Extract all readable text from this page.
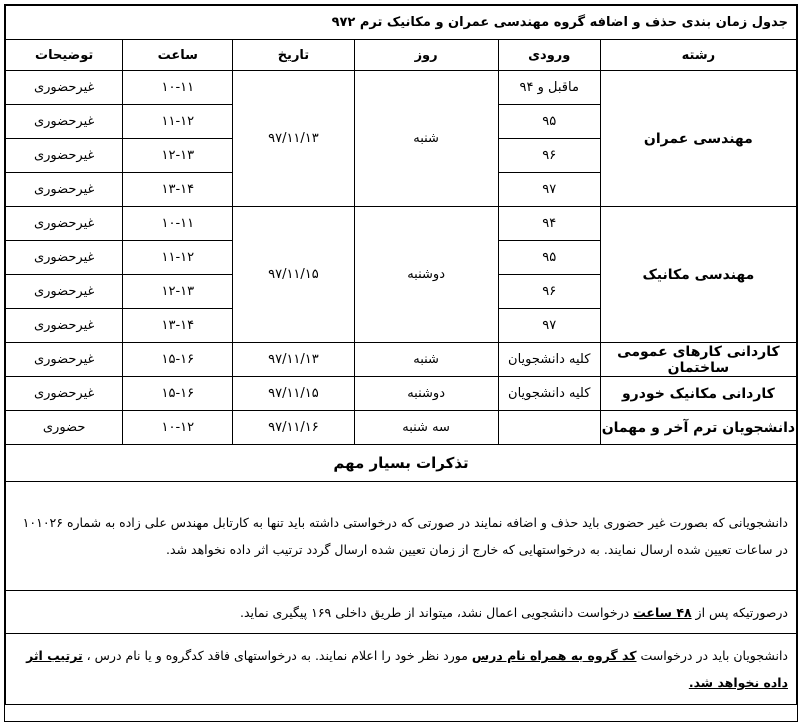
جدول زمان بندی حذف و اضافه گروه مهندسی عمران و مکانیک ترم ۹۷۲					
رشته	ورودی	روز	تاریخ	ساعت	توضیحات
مهندسی عمران	ماقبل و ۹۴	شنبه	۹۷/۱۱/۱۳	۱۰-۱۱	غیرحضوری
	۹۵			۱۱-۱۲	غیرحضوری
	۹۶			۱۲-۱۳	غیرحضوری
	۹۷			۱۳-۱۴	غیرحضوری
مهندسی مکانیک	۹۴	دوشنبه	۹۷/۱۱/۱۵	۱۰-۱۱	غیرحضوری
	۹۵			۱۱-۱۲	غیرحضوری
	۹۶			۱۲-۱۳	غیرحضوری
	۹۷			۱۳-۱۴	غیرحضوری
کاردانی کارهای عمومی ساختمان	کلیه دانشجویان	شنبه	۹۷/۱۱/۱۳	۱۵-۱۶	غیرحضوری
کاردانی مکانیک خودرو	کلیه دانشجویان	دوشنبه	۹۷/۱۱/۱۵	۱۵-۱۶	غیرحضوری
دانشجویان ترم آخر و مهمان		سه شنبه	۹۷/۱۱/۱۶	۱۰-۱۲	حضوری
تذکرات بسیار مهم					
دانشجویانی که بصورت غیر حضوری باید حذف و اضافه نمایند در صورتی که درخواستی داشته باید تنها به کارتابل مهندس علی زاده به شماره ۱۰۱۰۲۶ در ساعات تعیین شده ارسال نمایند. به درخواستهایی که خارج از زمان تعیین شده ارسال گردد ترتیب اثر داده نخواهد شد.					
درصورتیکه پس از ۴۸ ساعت درخواست دانشجویی اعمال نشد، میتواند از طریق داخلی ۱۶۹ پیگیری نماید.					
دانشجویان باید در درخواست کد گروه به همراه نام درس مورد نظر خود را اعلام نمایند. به درخواستهای فاقد کدگروه و یا نام درس ، ترتیب اثر داده نخواهد شد.					
